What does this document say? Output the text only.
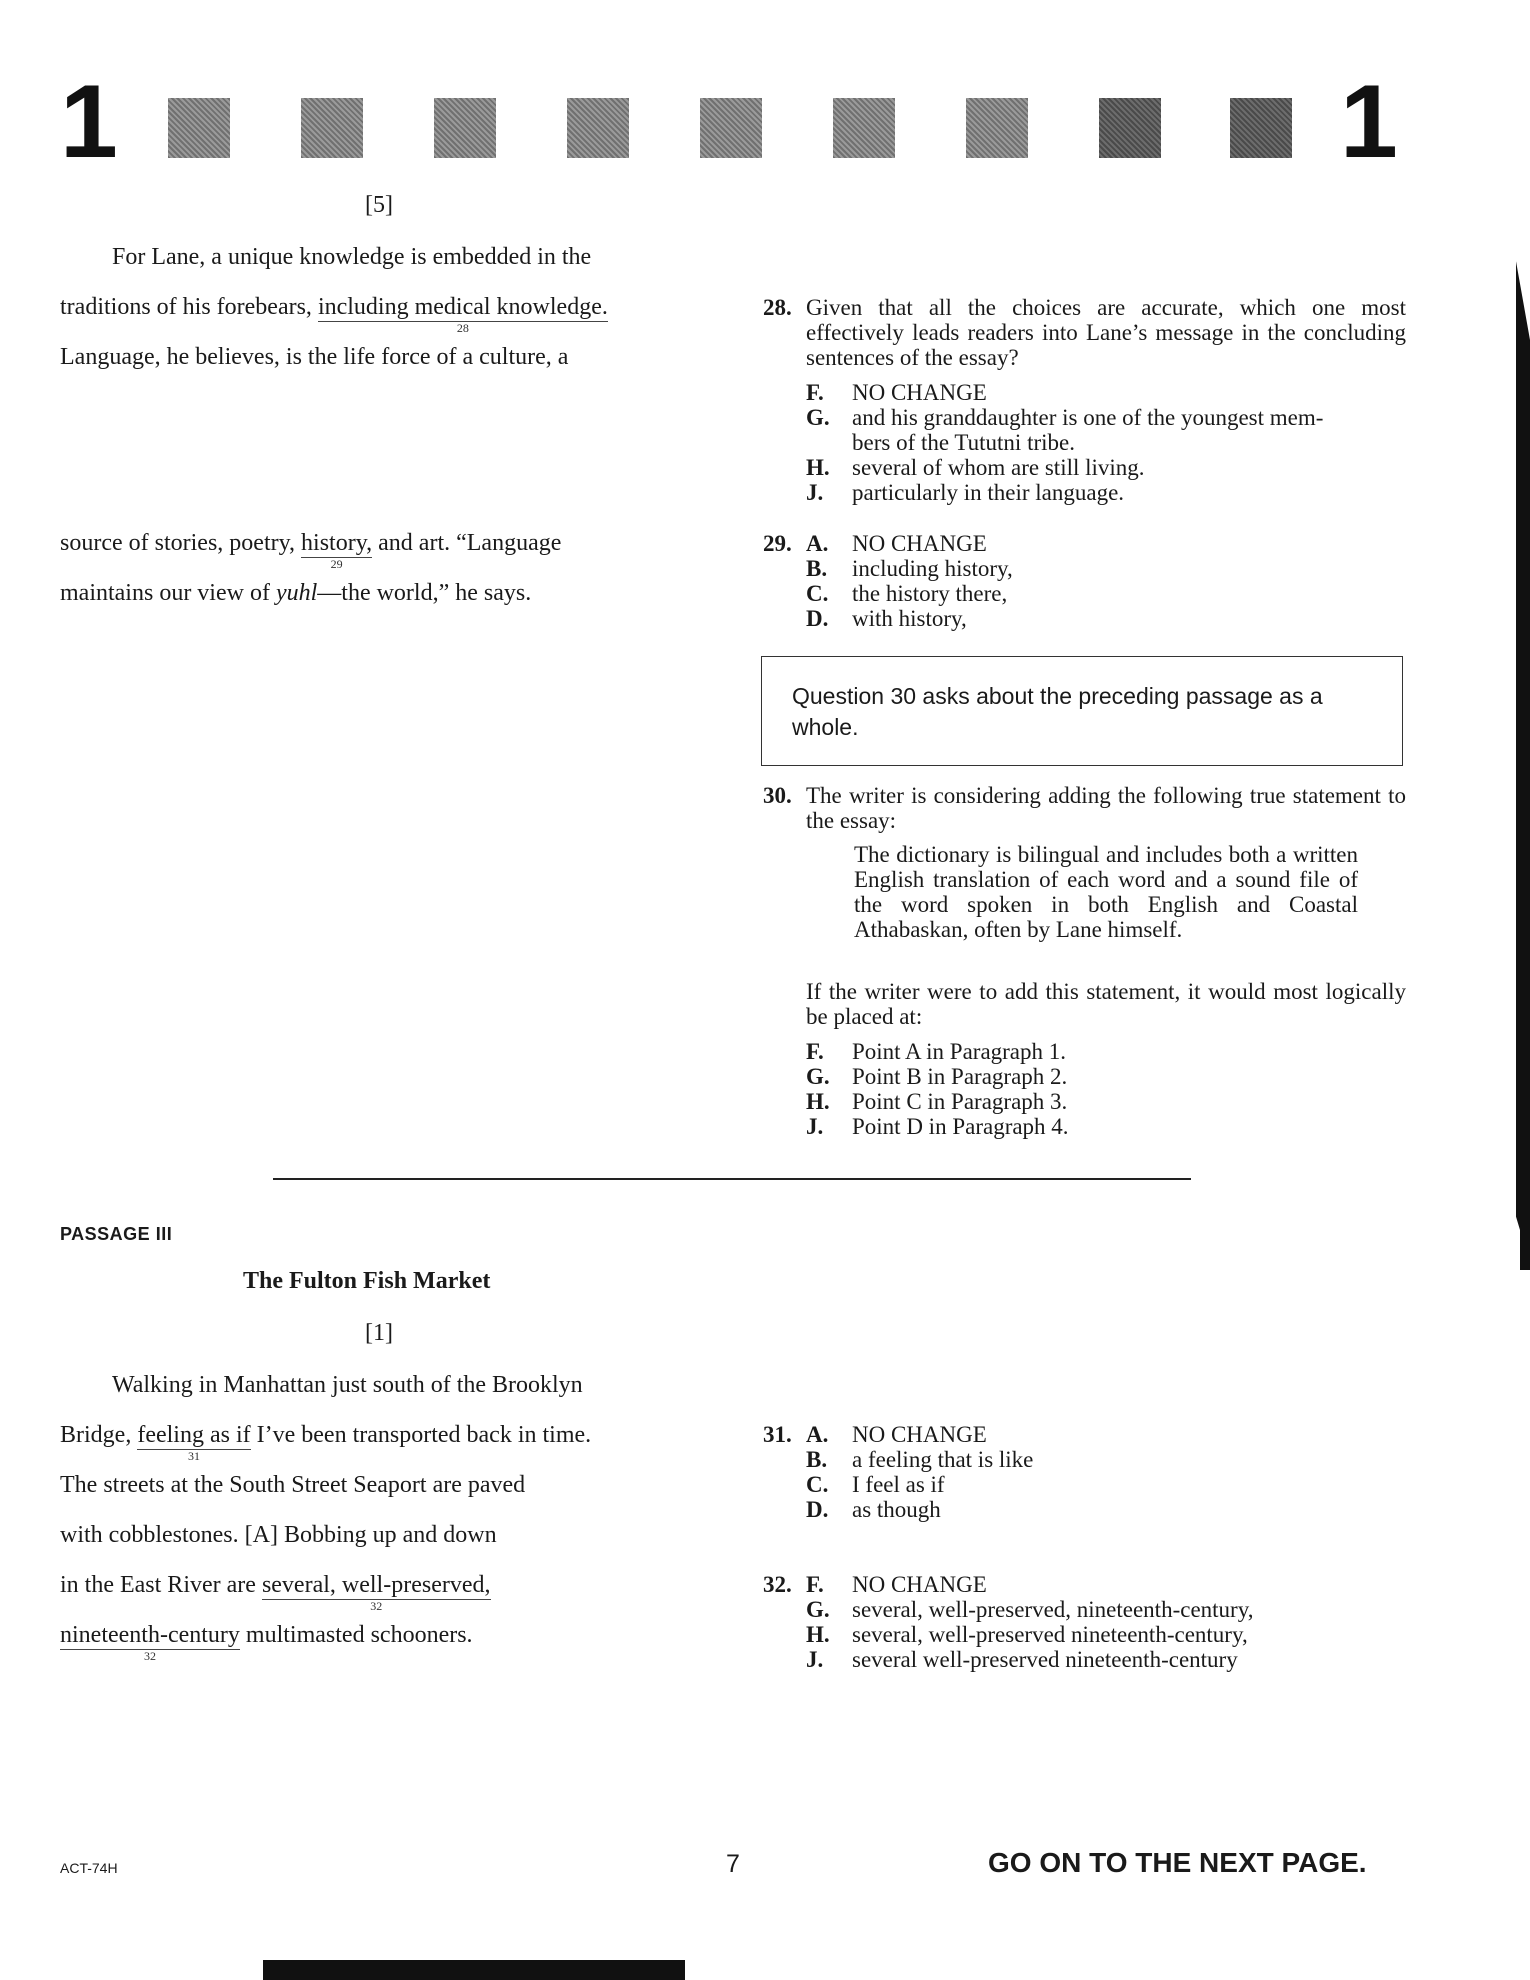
1	1
[5]
For Lane, a unique knowledge is embedded in the
traditions of his forebears, including medical knowledge.
28
Language, he believes, is the life force of a culture, a
source of stories, poetry, history,
29
and art. “Language
maintains our view of yuhl—the world,” he says.
28. Given that all the choices are accurate, which one most effectively leads readers into Lane’s message in the concluding sentences of the essay?
F.	NO CHANGE
G. and his granddaughter is one of the youngest mem-
bers of the Tututni tribe.
H. several of whom are still living.
J.	particularly in their language.
29. A.	NO CHANGE
B.	including history,
C.	the history there,
D.	with history,
Question 30 asks about the preceding passage as a whole.
30. The writer is considering adding the following true statement to the essay:
The dictionary is bilingual and includes both a written English translation of each word and a sound file of the word spoken in both English and Coastal Athabaskan, often by Lane himself.
If the writer were to add this statement, it would most logically be placed at:
F.	Point A in Paragraph 1.
G. Point B in Paragraph 2.
H. Point C in Paragraph 3.
J.	Point D in Paragraph 4.
PASSAGE III
The Fulton Fish Market
[1]
Walking in Manhattan just south of the Brooklyn
Bridge, feeling as if
31
I’ve been transported back in time.
The streets at the South Street Seaport are paved
with cobblestones. [A] Bobbing up and down
in the East River are several, well-preserved,
32
nineteenth-century
32
multimasted schooners.
31. A.	NO CHANGE
B.	a feeling that is like
C.	I feel as if
D.	as though
32. F.	NO CHANGE
G. several, well-preserved, nineteenth-century,
H. several, well-preserved nineteenth-century,
J.	several well-preserved nineteenth-century
ACT-74H	7	GO ON TO THE NEXT PAGE.
